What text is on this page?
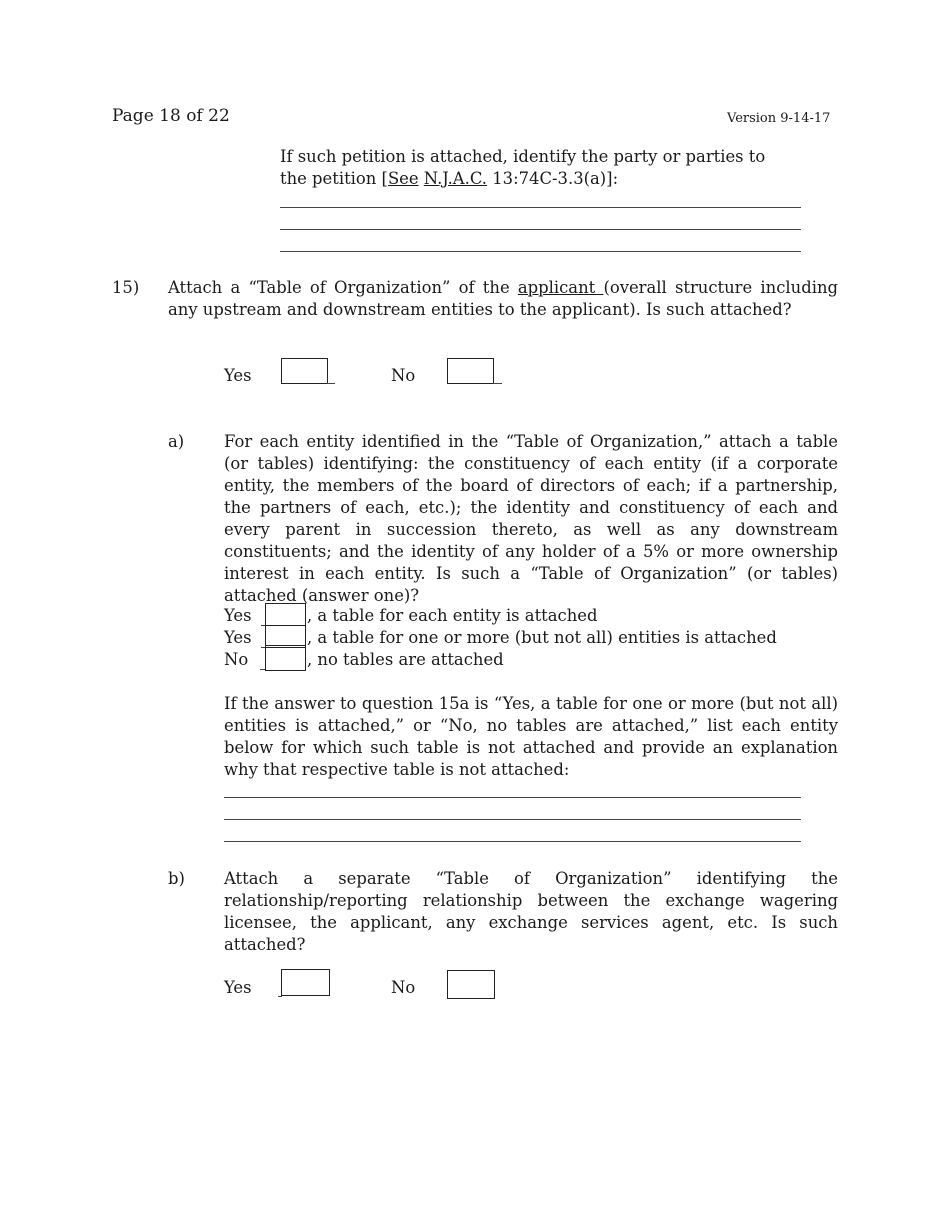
Page 18 of 22	Version 9-14-17
If such petition is attached, identify the party or parties to
the petition [See N.J.A.C. 13:74C-3.3(a)]:
15) Attach a “Table of Organization” of the applicant (overall structure including any upstream and downstream entities to the applicant). Is such attached?
Yes	No
a) For each entity identified in the “Table of Organization,” attach a table (or tables) identifying: the constituency of each entity (if a corporate entity, the members of the board of directors of each; if a partnership, the partners of each, etc.); the identity and constituency of each and every parent in succession thereto, as well as any downstream constituents; and the identity of any holder of a 5% or more ownership interest in each entity. Is such a “Table of Organization” (or tables) attached (answer one)?
Yes	, a table for each entity is attached
Yes	, a table for one or more (but not all) entities is attached
No	, no tables are attached
If the answer to question 15a is “Yes, a table for one or more (but not all) entities is attached,” or “No, no tables are attached,” list each entity below for which such table is not attached and provide an explanation why that respective table is not attached:
b) Attach a separate “Table of Organization” identifying the relationship/reporting relationship between the exchange wagering licensee, the applicant, any exchange services agent, etc. Is such attached?
Yes	No
